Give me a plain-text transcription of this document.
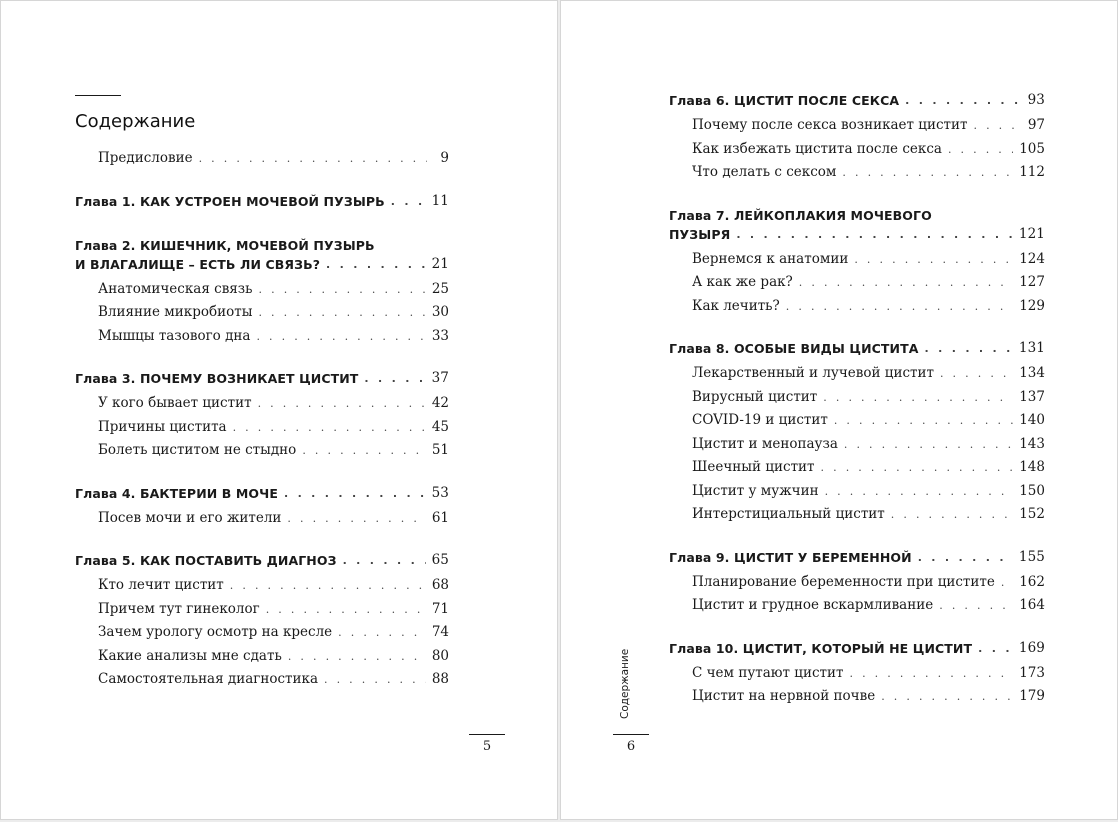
Содержание
Предисловие . . .	9
Глава 1. КАК УСТРОЕН МОЧЕВОЙ ПУЗЫРЬ . . .	11
Глава 2. КИШЕЧНИК, МОЧЕВОЙ ПУЗЫРЬ
И ВЛАГАЛИЩЕ – ЕСТЬ ЛИ СВЯЗЬ? . . .	21
Анатомическая связь . . .	25
Влияние микробиоты . . .	30
Мышцы тазового дна . . .	33
Глава 3. ПОЧЕМУ ВОЗНИКАЕТ ЦИСТИТ . . .	37
У кого бывает цистит . . .	42
Причины цистита . . .	45
Болеть циститом не стыдно . . .	51
Глава 4. БАКТЕРИИ В МОЧЕ . . .	53
Посев мочи и его жители . . .	61
Глава 5. КАК ПОСТАВИТЬ ДИАГНОЗ . . .	65
Кто лечит цистит . . .	68
Причем тут гинеколог . . .	71
Зачем урологу осмотр на кресле . . .	74
Какие анализы мне сдать . . .	80
Самостоятельная диагностика . . .	88
5
Глава 6. ЦИСТИТ ПОСЛЕ СЕКСА . . .	93
Почему после секса возникает цистит . . .	97
Как избежать цистита после секса . . .	105
Что делать с сексом . . .	112
Глава 7. ЛЕЙКОПЛАКИЯ МОЧЕВОГО
ПУЗЫРЯ . . .	121
Вернемся к анатомии . . .	124
А как же рак? . . .	127
Как лечить? . . .	129
Глава 8. ОСОБЫЕ ВИДЫ ЦИСТИТА . . .	131
Лекарственный и лучевой цистит . . .	134
Вирусный цистит . . .	137
COVID-19 и цистит . . .	140
Цистит и менопауза . . .	143
Шеечный цистит . . .	148
Цистит у мужчин . . .	150
Интерстициальный цистит . . .	152
Глава 9. ЦИСТИТ У БЕРЕМЕННОЙ . . .	155
Планирование беременности при цистите . . . 162
Цистит и грудное вскармливание . . .	164
Глава 10. ЦИСТИТ, КОТОРЫЙ НЕ ЦИСТИТ . . .	169
С чем путают цистит . . .	173
Цистит на нервной почве . . .	179
Содержание
6
